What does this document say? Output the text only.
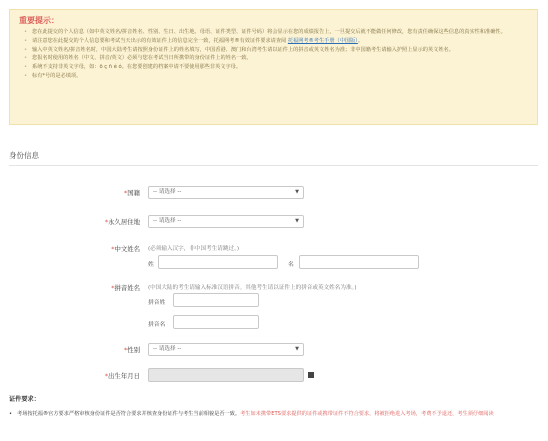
重要提示：
• 您在此提交的个人信息（如中英文姓名/拼音姓名、性别、生日、出生地、母语、证件类型、证件号码）将会显示在您的成绩报告上，一旦提交后就不能做任何修改，您有责任确保这些信息的真实性和准确性。
• 请注意您在此提交的个人信息要和考试当天出示的有效证件上的信息完全一致，托福网考®有效证件要求请查阅 托福网考®考生手册（中国版）。
• 输入中英文姓名/拼音姓名时，中国大陆考生请按照身份证件上的姓名填写，中国香港、澳门和台湾考生请以证件上的拼音或英文姓名为准；非中国籍考生请输入护照上显示的英文姓名。
• 您报名时使用的姓名（中文、拼音/英文）必须与您在考试当日所携带的身份证件上的姓名一致。
• 系统不支持非英文字母，如：ö ç ñ é ó。在您要创建的档案中请不要使用那些非英文字母。
• 标有*号的是必填项。
身份信息
*国籍	-- 请选择 --	▼
*永久居住地	-- 请选择 --	▼
*中文姓名 (必须输入汉字，非中国考生请跳过。)
姓	名
*拼音姓名 (中国大陆的考生请输入标准汉语拼音。其他考生请以证件上的拼音或英文姓名为准。)
拼音姓
拼音名
*性别	-- 请选择 --	▼
*出生年月日
证件要求：
• 考场按托福®官方要求严格审核身份证件是否符合要求并核查身份证件与考生当前相貌是否一致。考生如未携带ETS要求提供的证件或携带证件不符合要求，将被拒绝进入考场，考费不予退还，考生须仔细阅读
